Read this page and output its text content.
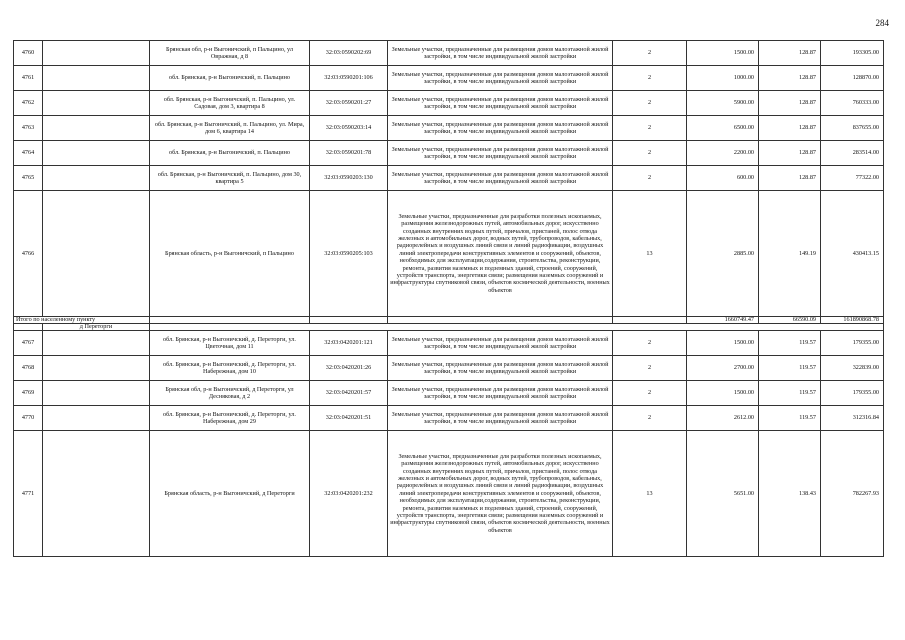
284
4760		Брянская обл, р-н Выгоничский, п Пальцино, ул Овражная, д 8	32:03:0590202:69	Земельные участки, предназначенные для размещения домов малоэтажной жилой застройки, в том числе индивидуальной жилой застройки	2	1500.00	128.87	193305.00
4761		обл. Брянская, р-н Выгоничский, п. Пальцино	32:03:0590201:106	Земельные участки, предназначенные для размещения домов малоэтажной жилой застройки, в том числе индивидуальной жилой застройки	2	1000.00	128.87	128870.00
4762		обл. Брянская, р-н Выгоничский, п. Пальцино, ул. Садовая, дом 3, квартира 8	32:03:0590201:27	Земельные участки, предназначенные для размещения домов малоэтажной жилой застройки, в том числе индивидуальной жилой застройки	2	5900.00	128.87	760333.00
4763		обл. Брянская, р-н Выгоничский, п. Пальцино, ул. Мира, дом 6, квартира 14	32:03:0590203:14	Земельные участки, предназначенные для размещения домов малоэтажной жилой застройки, в том числе индивидуальной жилой застройки	2	6500.00	128.87	837655.00
4764		обл. Брянская, р-н Выгоничский, п. Пальцино	32:03:0590201:78	Земельные участки, предназначенные для размещения домов малоэтажной жилой застройки, в том числе индивидуальной жилой застройки	2	2200.00	128.87	283514.00
4765		обл. Брянская, р-н Выгоничский, п. Пальцино, дом 30, квартира 5	32:03:0590203:130	Земельные участки, предназначенные для размещения домов малоэтажной жилой застройки, в том числе индивидуальной жилой застройки	2	600.00	128.87	77322.00
4766		Брянская область, р-н Выгоничский, п Пальцино	32:03:0590205:103	Земельные участки, предназначенные для разработки полезных ископаемых, размещения железнодорожных путей, автомобильных дорог, искусственно созданных внутренних водных путей, причалов, пристаней, полос отвода железных и автомобильных дорог, водных путей, трубопроводов, кабельных, радиорелейных и воздушных линий связи и линий радиофикации, воздушных линий электропередачи конструктивных элементов и сооружений, объектов, необходимых для эксплуатации,содержания, строительства, реконструкции, ремонта, развития наземных и подземных зданий, строений, сооружений, устройств транспорта, энергетики связи; размещения наземных сооружений и инфраструктуры спутниковой связи, объектов космической деятельности, военных объектов	13	2885.00	149.19	430413.15
Итого по населенному пункту						1660749.47	66590.09	161890868.78
	д Переторги							
4767		обл. Брянская, р-н Выгоничский, д. Переторги, ул. Цветочная, дом 11	32:03:0420201:121	Земельные участки, предназначенные для размещения домов малоэтажной жилой застройки, в том числе индивидуальной жилой застройки	2	1500.00	119.57	179355.00
4768		обл. Брянская, р-н Выгоничский, д. Переторги, ул. Набережная, дом 10	32:03:0420201:26	Земельные участки, предназначенные для размещения домов малоэтажной жилой застройки, в том числе индивидуальной жилой застройки	2	2700.00	119.57	322839.00
4769		Брянская обл, р-н Выгоничский, д Переторги, ул Десняковая, д 2	32:03:0420201:57	Земельные участки, предназначенные для размещения домов малоэтажной жилой застройки, в том числе индивидуальной жилой застройки	2	1500.00	119.57	179355.00
4770		обл. Брянская, р-н Выгоничский, д. Переторги, ул. Набережная, дом 29	32:03:0420201:51	Земельные участки, предназначенные для размещения домов малоэтажной жилой застройки, в том числе индивидуальной жилой застройки	2	2612.00	119.57	312316.84
4771		Брянская область, р-н Выгоничский, д Переторги	32:03:0420201:232	Земельные участки, предназначенные для разработки полезных ископаемых, размещения железнодорожных путей, автомобильных дорог, искусственно созданных внутренних водных путей, причалов, пристаней, полос отвода железных и автомобильных дорог, водных путей, трубопроводов, кабельных, радиорелейных и воздушных линий связи и линий радиофикации, воздушных линий электропередачи конструктивных элементов и сооружений, объектов, необходимых для эксплуатации,содержания, строительства, реконструкции, ремонта, развития наземных и подземных зданий, строений, сооружений, устройств транспорта, энергетики связи; размещения наземных сооружений и инфраструктуры спутниковой связи, объектов космической деятельности, военных объектов	13	5651.00	138.43	782267.93
